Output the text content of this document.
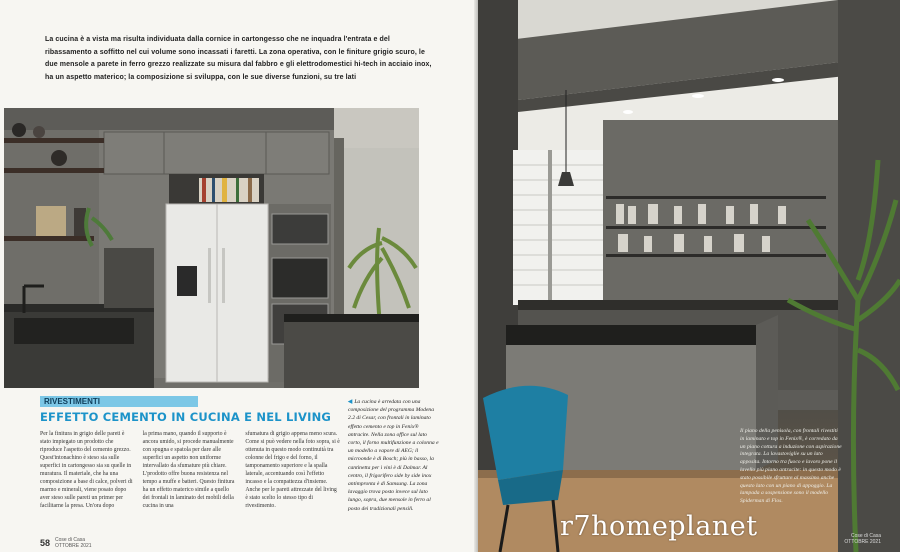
La cucina è a vista ma risulta individuata dalla cornice in cartongesso che ne inquadra l'entrata e del ribassamento a soffitto nel cui volume sono incassati i faretti. La zona operativa, con le finiture grigio scuro, le due mensole a parete in ferro grezzo realizzate su misura dal fabbro e gli elettrodomestici hi-tech in acciaio inox, ha un aspetto materico; la composizione si sviluppa, con le sue diverse funzioni, su tre lati
RIVESTIMENTI
EFFETTO CEMENTO IN CUCINA E NEL LIVING
Per la finitura in grigio delle pareti è stato impiegato un prodotto che riproduce l'aspetto del cemento grezzo. Quest'intonachino è steso sia sulle superfici in cartongesso sia su quelle in muratura. Il materiale, che ha una composizione a base di calce, polveri di marmo e minerali, viene posato dopo aver steso sulle pareti un primer per facilitarne la presa. Un'ora dopo
la prima mano, quando il supporto è ancora umido, si procede manualmente con spugna e spatola per dare alle superfici un aspetto non uniforme intervallato da sfumature più chiare. L'prodotto offre buona resistenza nel tempo a muffe e batteri. Questo finitura ha un effetto materico simile a quello dei frontali in laminato dei mobili della cucina in una
sfumatura di grigio appena meno scura. Come si può vedere nella foto sopra, si è ottenuta in questo modo continuità tra colonne del frigo e del forno, il tamponamento superiore e la spalla laterale, accentuando così l'effetto incasso e la compattezza d'insieme. Anche per le pareti attrezzate del living è stato scelto lo stesso tipo di rivestimento.
◀ La cucina è arredata con una composizione del programma Modena 2.2 di Cesar, con frontali in laminato effetto cemento e top in Fenix® antracite. Nella zona office sul lato corto, il forno multifunzione a colonna e un modello a vapore di AEG; il microonde è di Bosch; più in basso, la cantinetta per i vini è di Dalmar. Al centro, il frigorifero side by side inox antimpronta è di Samsung. La zona lavaggio trova posto invece sul lato lungo, sopra, due mensole in ferro al posto dei tradizionali pensili.
58 Cose di Casa
OTTOBRE 2021
Il piano della penisola, con frontali rivestiti in laminato e top in Fenix®, è corredato da un piano cottura a induzione con aspirazione integrata. La lavastoviglie su un lato apposita. Intorno tra fuoco e lavoro pone il lavello più piano antracite: in questo modo è stato possibile sfruttare al massimo anche questo lato con un piano di appoggio. La lampada a sospensione sono il modello Spiderman di Flos.
Cose di Casa
OTTOBRE 2021
r7homeplanet
